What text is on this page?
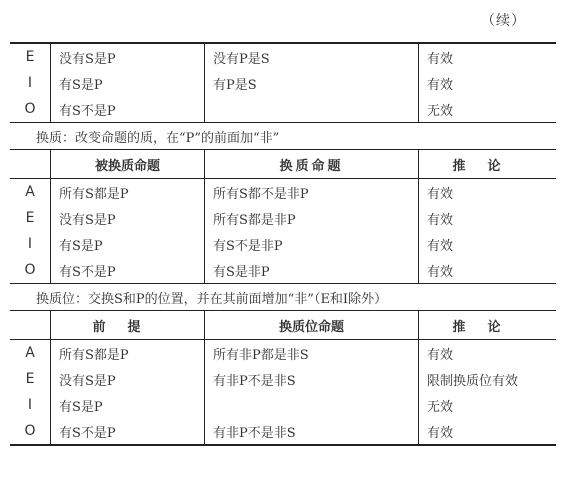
（续）
E	没有S是P	没有P是S	有效
I	有S是P	有P是S	有效
O	有S不是P		无效
换质：改变命题的质，在“P”的前面加“非”			
	被换质命题	换质命题	推论
A	所有S都是P	所有S都不是非P	有效
E	没有S是P	所有S都是非P	有效
I	有S是P	有S不是非P	有效
O	有S不是P	有S是非P	有效
换质位：交换S和P的位置，并在其前面增加“非”（E和I除外）			
	前提	换质位命题	推论
A	所有S都是P	所有非P都是非S	有效
E	没有S是P	有非P不是非S	限制换质位有效
I	有S是P		无效
O	有S不是P	有非P不是非S	有效
